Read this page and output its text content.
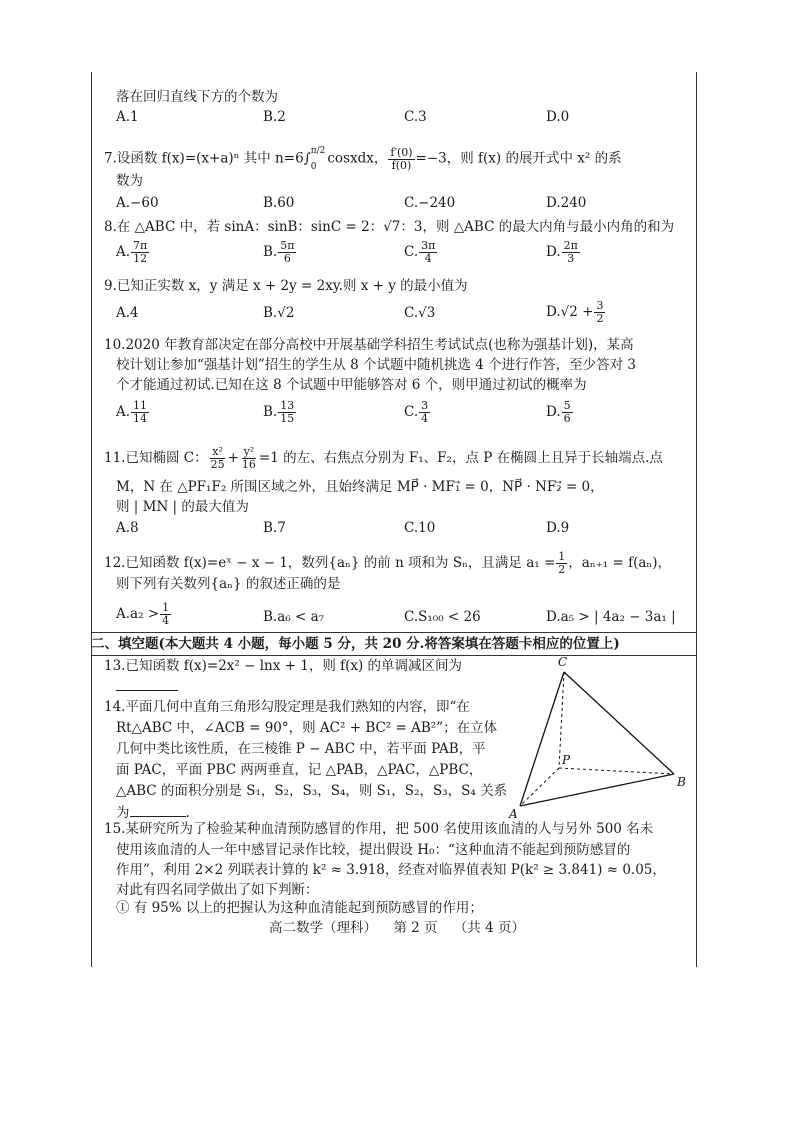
落在回归直线下方的个数为
A.1	B.2	C.3	D.0
7.设函数 f(x)=(x+a)ⁿ 其中 n=6∫ π/2
0
cosxdx， $\frac{f'(0)}{f(0)} =-3$，则 f(x) 的展开式中 x² 的系
数为
A.−60	B.60	C.−240	D.240
8.在 △ABC 中，若 sinA：sinB：sinC = 2：√7：3，则 △ABC 的最大内角与最小内角的和为
A. $\frac{7\pi}{12}$	B. $\frac{5\pi}{6}$	C. $\frac{3\pi}{4}$	D. $\frac{2\pi}{3}$
9.已知正实数 x，y 满足 x + 2y = 2xy.则 x + y 的最小值为
A.4	B.√2	C.√3	$D.√2 + \frac{3}{2}$
10.2020 年教育部决定在部分高校中开展基础学科招生考试试点(也称为强基计划)，某高
校计划让参加“强基计划”招生的学生从 8 个试题中随机挑选 4 个进行作答，至少答对 3
个才能通过初试.已知在这 8 个试题中甲能够答对 6 个，则甲通过初试的概率为
A. $\frac{11}{14}$	B. $\frac{13}{15}$	C. $\frac{3}{4}$	D. $\frac{5}{6}$
11.已知椭圆 C： $\frac{\text{x²}}{25} + \frac{\text{y²}}{16} =1$ 的左、右焦点分别为 F₁、F₂，点 P 在椭圆上且异于长轴端点.点
M，N 在 △PF₁F₂ 所围区域之外，且始终满足 MP⃗ · MF₁⃗ = 0，NP⃗ · NF₂⃗ = 0，
则 | MN | 的最大值为
A.8	B.7	C.10	D.9
12.已知函数 f(x)=eˣ − x − 1，数列{aₙ} 的前 n 项和为 Sₙ，且满足 $a_1 = \frac{1}{2}$ ，aₙ₊₁ = f(aₙ)，
则下列有关数列{aₙ} 的叙述正确的是
$A.a_2 > \frac{1}{4}$	B.a₆ < a₇	C.S₁₀₀ < 26	D.a₅ > | 4a₂ − 3a₁ |
二、填空题(本大题共 4 小题，每小题 5 分，共 20 分.将答案填在答题卡相应的位置上)
13.已知函数 f(x)=2x² − lnx + 1，则 f(x) 的单调减区间为
14.平面几何中直角三角形勾股定理是我们熟知的内容，即“在
Rt△ABC 中，∠ACB = 90°，则 AC² + BC² = AB²”；在立体
几何中类比该性质，在三棱锥 P − ABC 中，若平面 PAB，平
面 PAC，平面 PBC 两两垂直，记 △PAB，△PAC，△PBC，
△ABC 的面积分别是 S₁，S₂，S₃，S₄，则 S₁，S₂，S₃，S₄ 关系
为	.
C
P
B
A
15.某研究所为了检验某种血清预防感冒的作用，把 500 名使用该血清的人与另外 500 名未
使用该血清的人一年中感冒记录作比较，提出假设 H₀：“这种血清不能起到预防感冒的
作用”，利用 2×2 列联表计算的 k² ≈ 3.918，经查对临界值表知 P(k² ≥ 3.841) ≈ 0.05，
对此有四名同学做出了如下判断：
① 有 95% 以上的把握认为这种血清能起到预防感冒的作用；
高二数学（理科） 第 2 页 （共 4 页）
